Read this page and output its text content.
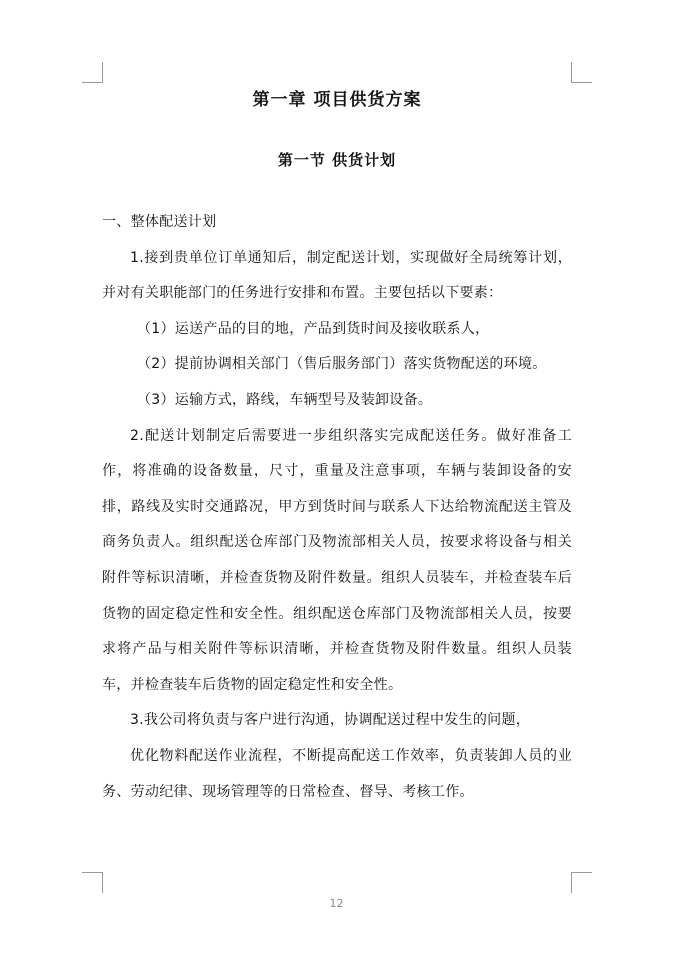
第一章 项目供货方案
第一节 供货计划

一、整体配送计划

1.接到贵单位订单通知后，制定配送计划，实现做好全局统筹计划，并对有关职能部门的任务进行安排和布置。主要包括以下要素：

（1）运送产品的目的地，产品到货时间及接收联系人，

（2）提前协调相关部门（售后服务部门）落实货物配送的环境。

（3）运输方式，路线，车辆型号及装卸设备。

2.配送计划制定后需要进一步组织落实完成配送任务。做好准备工作，将准确的设备数量，尺寸，重量及注意事项，车辆与装卸设备的安排，路线及实时交通路况，甲方到货时间与联系人下达给物流配送主管及商务负责人。组织配送仓库部门及物流部相关人员，按要求将设备与相关附件等标识清晰，并检查货物及附件数量。组织人员装车，并检查装车后货物的固定稳定性和安全性。组织配送仓库部门及物流部相关人员，按要求将产品与相关附件等标识清晰，并检查货物及附件数量。组织人员装车，并检查装车后货物的固定稳定性和安全性。

3.我公司将负责与客户进行沟通，协调配送过程中发生的问题，

优化物料配送作业流程，不断提高配送工作效率，负责装卸人员的业务、劳动纪律、现场管理等的日常检查、督导、考核工作。

12
